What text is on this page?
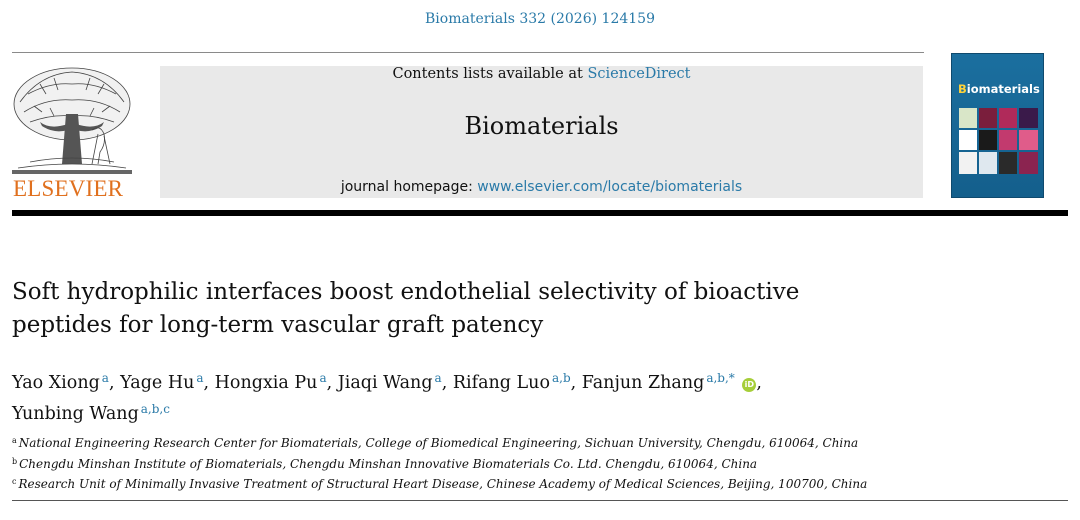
Biomaterials 332 (2026) 124159
ELSEVIER
Contents lists available at ScienceDirect
Biomaterials
journal homepage: www.elsevier.com/locate/biomaterials
Biomaterials
Soft hydrophilic interfaces boost endothelial selectivity of bioactive
peptides for long-term vascular graft patency
Yao Xiong $^a$, Yage Hu $^a$, Hongxia Pu $^a$, Jiaqi Wang $^a$, Rifang Luo $^{a,b}$, Fanjun Zhang $^{a,b,*}$ iD ,
Yunbing Wang $^{a,b,c}$
$^a$ National Engineering Research Center for Biomaterials, College of Biomedical Engineering, Sichuan University, Chengdu, 610064, China
$^b$ Chengdu Minshan Institute of Biomaterials, Chengdu Minshan Innovative Biomaterials Co. Ltd. Chengdu, 610064, China
$^c$ Research Unit of Minimally Invasive Treatment of Structural Heart Disease, Chinese Academy of Medical Sciences, Beijing, 100700, China
